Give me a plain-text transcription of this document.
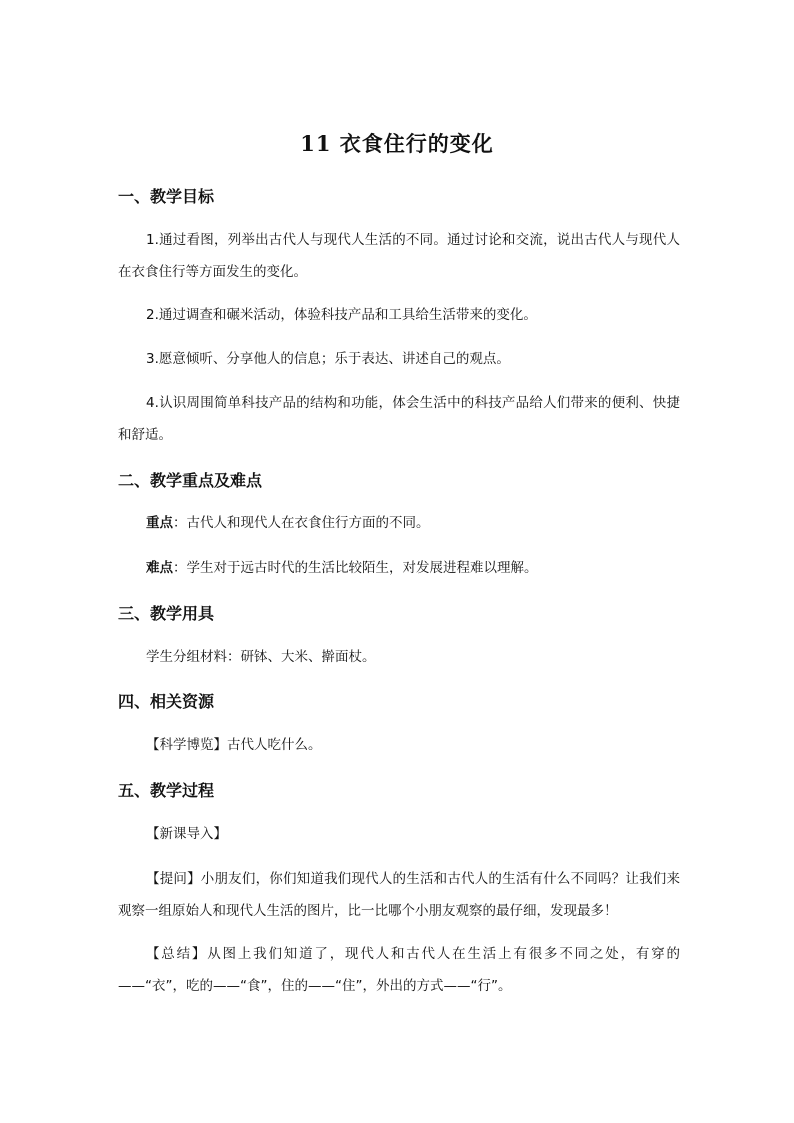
11 衣食住行的变化
一、教学目标
1.通过看图，列举出古代人与现代人生活的不同。通过讨论和交流，说出古代人与现代人在衣食住行等方面发生的变化。
2.通过调查和碾米活动，体验科技产品和工具给生活带来的变化。
3.愿意倾听、分享他人的信息；乐于表达、讲述自己的观点。
4.认识周围简单科技产品的结构和功能，体会生活中的科技产品给人们带来的便利、快捷和舒适。
二、教学重点及难点
重点：古代人和现代人在衣食住行方面的不同。
难点：学生对于远古时代的生活比较陌生，对发展进程难以理解。
三、教学用具
学生分组材料：研钵、大米、擀面杖。
四、相关资源
【科学博览】古代人吃什么。
五、教学过程
【新课导入】
【提问】小朋友们，你们知道我们现代人的生活和古代人的生活有什么不同吗？让我们来观察一组原始人和现代人生活的图片，比一比哪个小朋友观察的最仔细，发现最多！
【总结】从图上我们知道了，现代人和古代人在生活上有很多不同之处，有穿的——“衣”，吃的——“食”，住的——“住”，外出的方式——“行”。
